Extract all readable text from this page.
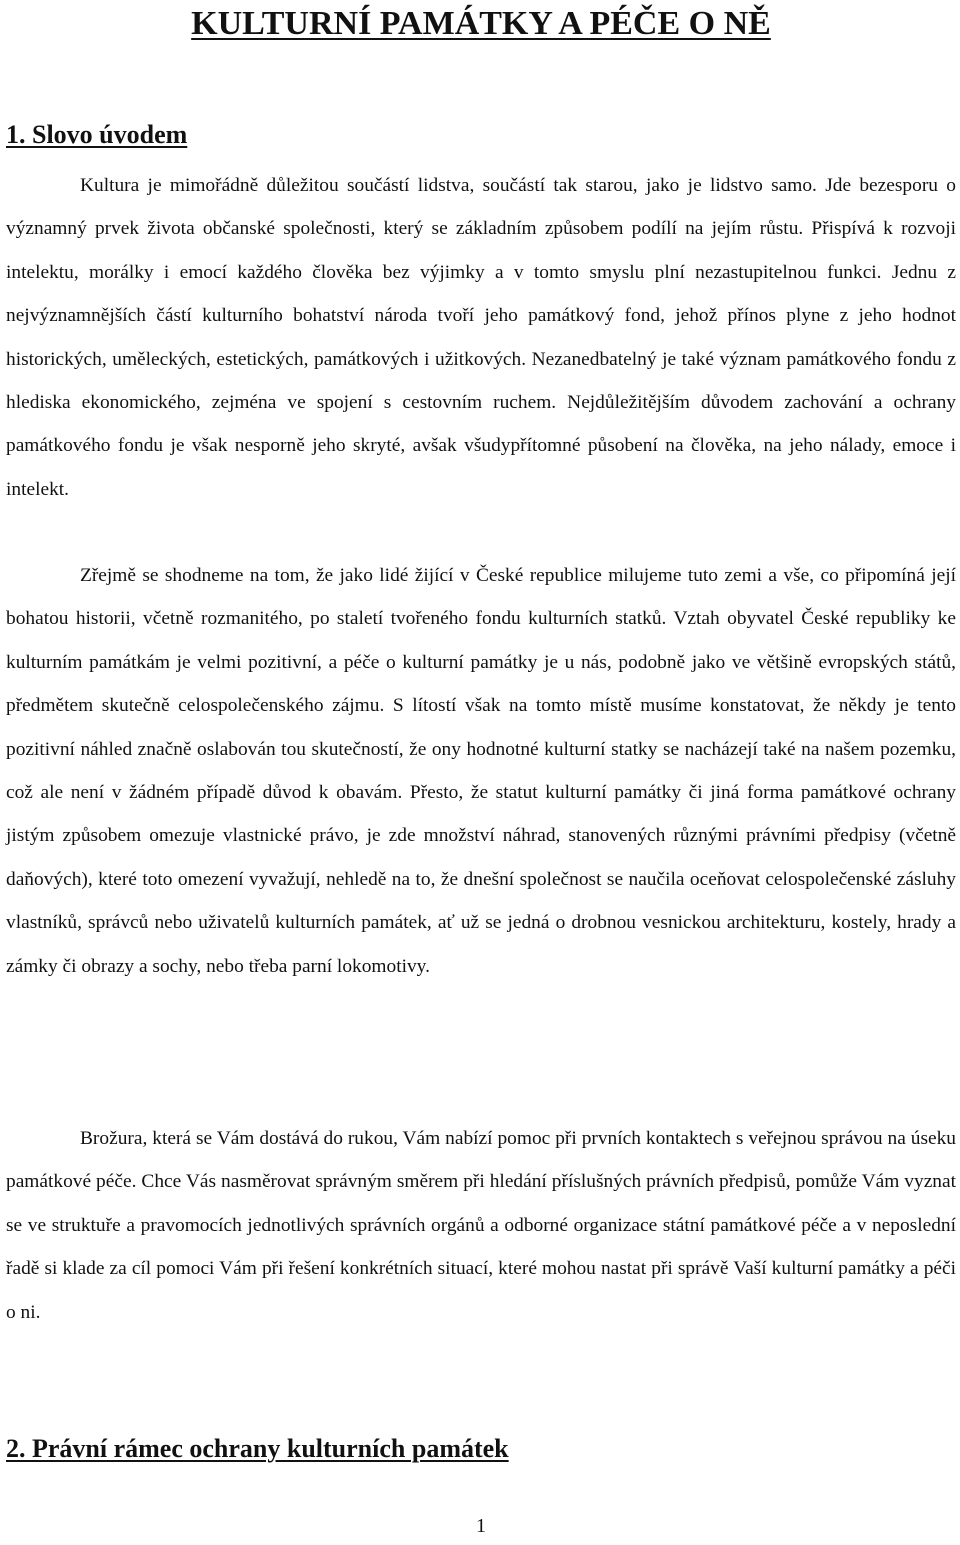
KULTURNÍ PAMÁTKY A PÉČE O NĚ
1. Slovo úvodem

Kultura je mimořádně důležitou součástí lidstva, součástí tak starou, jako je lidstvo samo. Jde bezesporu o významný prvek života občanské společnosti, který se základním způsobem podílí na jejím růstu. Přispívá k rozvoji intelektu, morálky i emocí každého člověka bez výjimky a v tomto smyslu plní nezastupitelnou funkci. Jednu z nejvýznamnějších částí kulturního bohatství národa tvoří jeho památkový fond, jehož přínos plyne z jeho hodnot historických, uměleckých, estetických, památkových i užitkových. Nezanedbatelný je také význam památkového fondu z hlediska ekonomického, zejména ve spojení s cestovním ruchem. Nejdůležitějším důvodem zachování a ochrany památkového fondu je však nesporně jeho skryté, avšak všudypřítomné působení na člověka, na jeho nálady, emoce i intelekt.

Zřejmě se shodneme na tom, že jako lidé žijící v České republice milujeme tuto zemi a vše, co připomíná její bohatou historii, včetně rozmanitého, po staletí tvořeného fondu kulturních statků. Vztah obyvatel České republiky ke kulturním památkám je velmi pozitivní, a péče o kulturní památky je u nás, podobně jako ve většině evropských států, předmětem skutečně celospolečenského zájmu. S lítostí však na tomto místě musíme konstatovat, že někdy je tento pozitivní náhled značně oslabován tou skutečností, že ony hodnotné kulturní statky se nacházejí také na našem pozemku, což ale není v žádném případě důvod k obavám. Přesto, že statut kulturní památky či jiná forma památkové ochrany jistým způsobem omezuje vlastnické právo, je zde množství náhrad, stanovených různými právními předpisy (včetně daňových), které toto omezení vyvažují, nehledě na to, že dnešní společnost se naučila oceňovat celospolečenské zásluhy vlastníků, správců nebo uživatelů kulturních památek, ať už se jedná o drobnou vesnickou architekturu, kostely, hrady a zámky či obrazy a sochy, nebo třeba parní lokomotivy.

Brožura, která se Vám dostává do rukou, Vám nabízí pomoc při prvních kontaktech s veřejnou správou na úseku památkové péče. Chce Vás nasměrovat správným směrem při hledání příslušných právních předpisů, pomůže Vám vyznat se ve struktuře a pravomocích jednotlivých správních orgánů a odborné organizace státní památkové péče a v neposlední řadě si klade za cíl pomoci Vám při řešení konkrétních situací, které mohou nastat při správě Vaší kulturní památky a péči o ni.

2. Právní rámec ochrany kulturních památek
1
